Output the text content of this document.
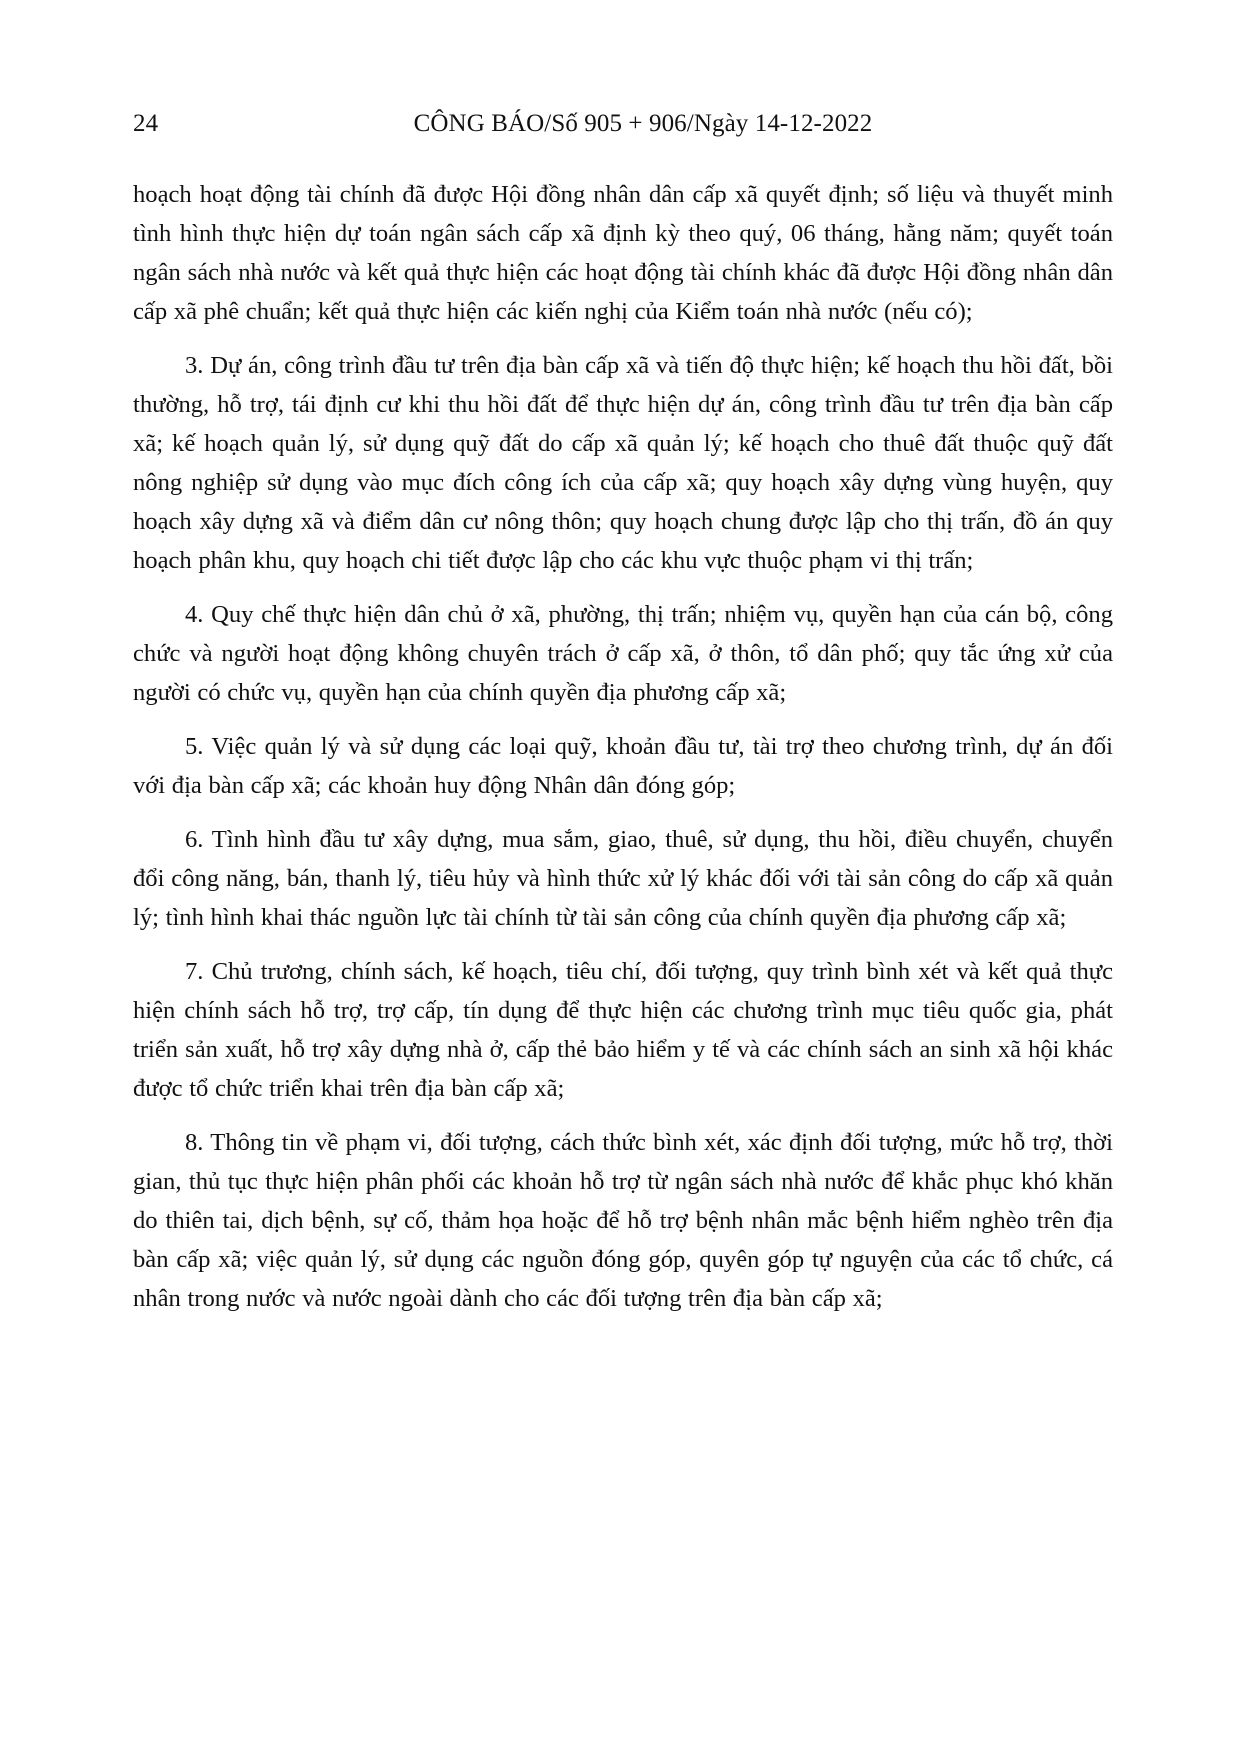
24	CÔNG BÁO/Số 905 + 906/Ngày 14-12-2022

hoạch hoạt động tài chính đã được Hội đồng nhân dân cấp xã quyết định; số liệu và thuyết minh tình hình thực hiện dự toán ngân sách cấp xã định kỳ theo quý, 06 tháng, hằng năm; quyết toán ngân sách nhà nước và kết quả thực hiện các hoạt động tài chính khác đã được Hội đồng nhân dân cấp xã phê chuẩn; kết quả thực hiện các kiến nghị của Kiểm toán nhà nước (nếu có);

3. Dự án, công trình đầu tư trên địa bàn cấp xã và tiến độ thực hiện; kế hoạch thu hồi đất, bồi thường, hỗ trợ, tái định cư khi thu hồi đất để thực hiện dự án, công trình đầu tư trên địa bàn cấp xã; kế hoạch quản lý, sử dụng quỹ đất do cấp xã quản lý; kế hoạch cho thuê đất thuộc quỹ đất nông nghiệp sử dụng vào mục đích công ích của cấp xã; quy hoạch xây dựng vùng huyện, quy hoạch xây dựng xã và điểm dân cư nông thôn; quy hoạch chung được lập cho thị trấn, đồ án quy hoạch phân khu, quy hoạch chi tiết được lập cho các khu vực thuộc phạm vi thị trấn;

4. Quy chế thực hiện dân chủ ở xã, phường, thị trấn; nhiệm vụ, quyền hạn của cán bộ, công chức và người hoạt động không chuyên trách ở cấp xã, ở thôn, tổ dân phố; quy tắc ứng xử của người có chức vụ, quyền hạn của chính quyền địa phương cấp xã;

5. Việc quản lý và sử dụng các loại quỹ, khoản đầu tư, tài trợ theo chương trình, dự án đối với địa bàn cấp xã; các khoản huy động Nhân dân đóng góp;

6. Tình hình đầu tư xây dựng, mua sắm, giao, thuê, sử dụng, thu hồi, điều chuyển, chuyển đổi công năng, bán, thanh lý, tiêu hủy và hình thức xử lý khác đối với tài sản công do cấp xã quản lý; tình hình khai thác nguồn lực tài chính từ tài sản công của chính quyền địa phương cấp xã;

7. Chủ trương, chính sách, kế hoạch, tiêu chí, đối tượng, quy trình bình xét và kết quả thực hiện chính sách hỗ trợ, trợ cấp, tín dụng để thực hiện các chương trình mục tiêu quốc gia, phát triển sản xuất, hỗ trợ xây dựng nhà ở, cấp thẻ bảo hiểm y tế và các chính sách an sinh xã hội khác được tổ chức triển khai trên địa bàn cấp xã;

8. Thông tin về phạm vi, đối tượng, cách thức bình xét, xác định đối tượng, mức hỗ trợ, thời gian, thủ tục thực hiện phân phối các khoản hỗ trợ từ ngân sách nhà nước để khắc phục khó khăn do thiên tai, dịch bệnh, sự cố, thảm họa hoặc để hỗ trợ bệnh nhân mắc bệnh hiểm nghèo trên địa bàn cấp xã; việc quản lý, sử dụng các nguồn đóng góp, quyên góp tự nguyện của các tổ chức, cá nhân trong nước và nước ngoài dành cho các đối tượng trên địa bàn cấp xã;
